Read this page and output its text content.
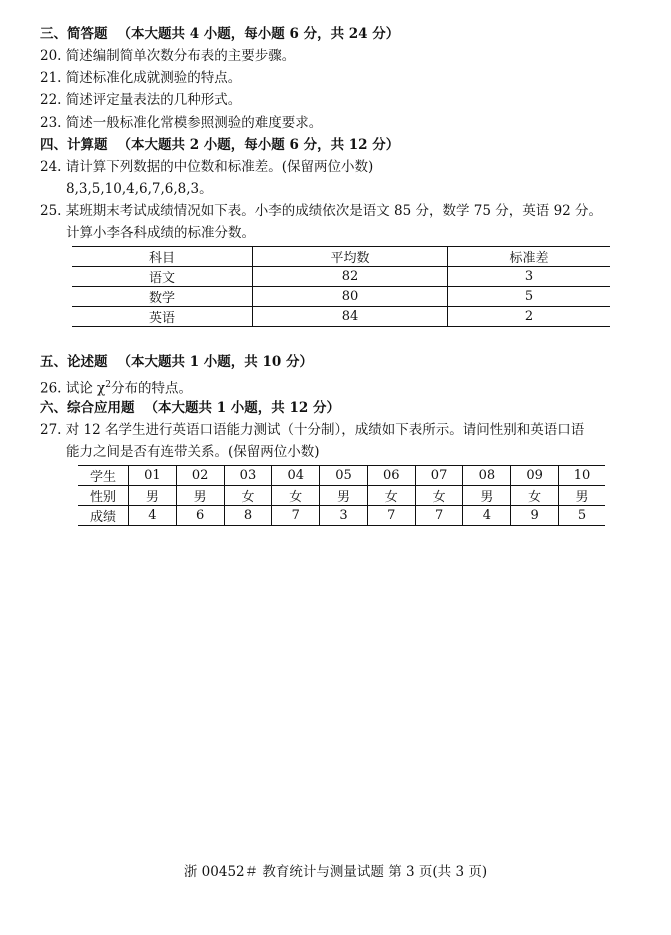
三、简答题 （本大题共 4 小题，每小题 6 分，共 24 分）
20. 简述编制简单次数分布表的主要步骤。
21. 简述标准化成就测验的特点。
22. 简述评定量表法的几种形式。
23. 简述一般标准化常模参照测验的难度要求。
四、计算题 （本大题共 2 小题，每小题 6 分，共 12 分）
24. 请计算下列数据的中位数和标准差。(保留两位小数)
8,3,5,10,4,6,7,6,8,3。
25. 某班期末考试成绩情况如下表。小李的成绩依次是语文 85 分，数学 75 分，英语 92 分。
计算小李各科成绩的标准分数。
科目	平均数	标准差
语文	82	3
数学	80	5
英语	84	2
五、论述题 （本大题共 1 小题，共 10 分）
26. 试论 $\chi^2$分布的特点。
六、综合应用题 （本大题共 1 小题，共 12 分）
27. 对 12 名学生进行英语口语能力测试（十分制），成绩如下表所示。请问性别和英语口语
能力之间是否有连带关系。(保留两位小数)
学生	01	02	03	04	05	06	07	08	09	10
性别	男	男	女	女	男	女	女	男	女	男
成绩	4	6	8	7	3	7	7	4	9	5
浙 00452＃ 教育统计与测量试题 第 3 页(共 3 页)
